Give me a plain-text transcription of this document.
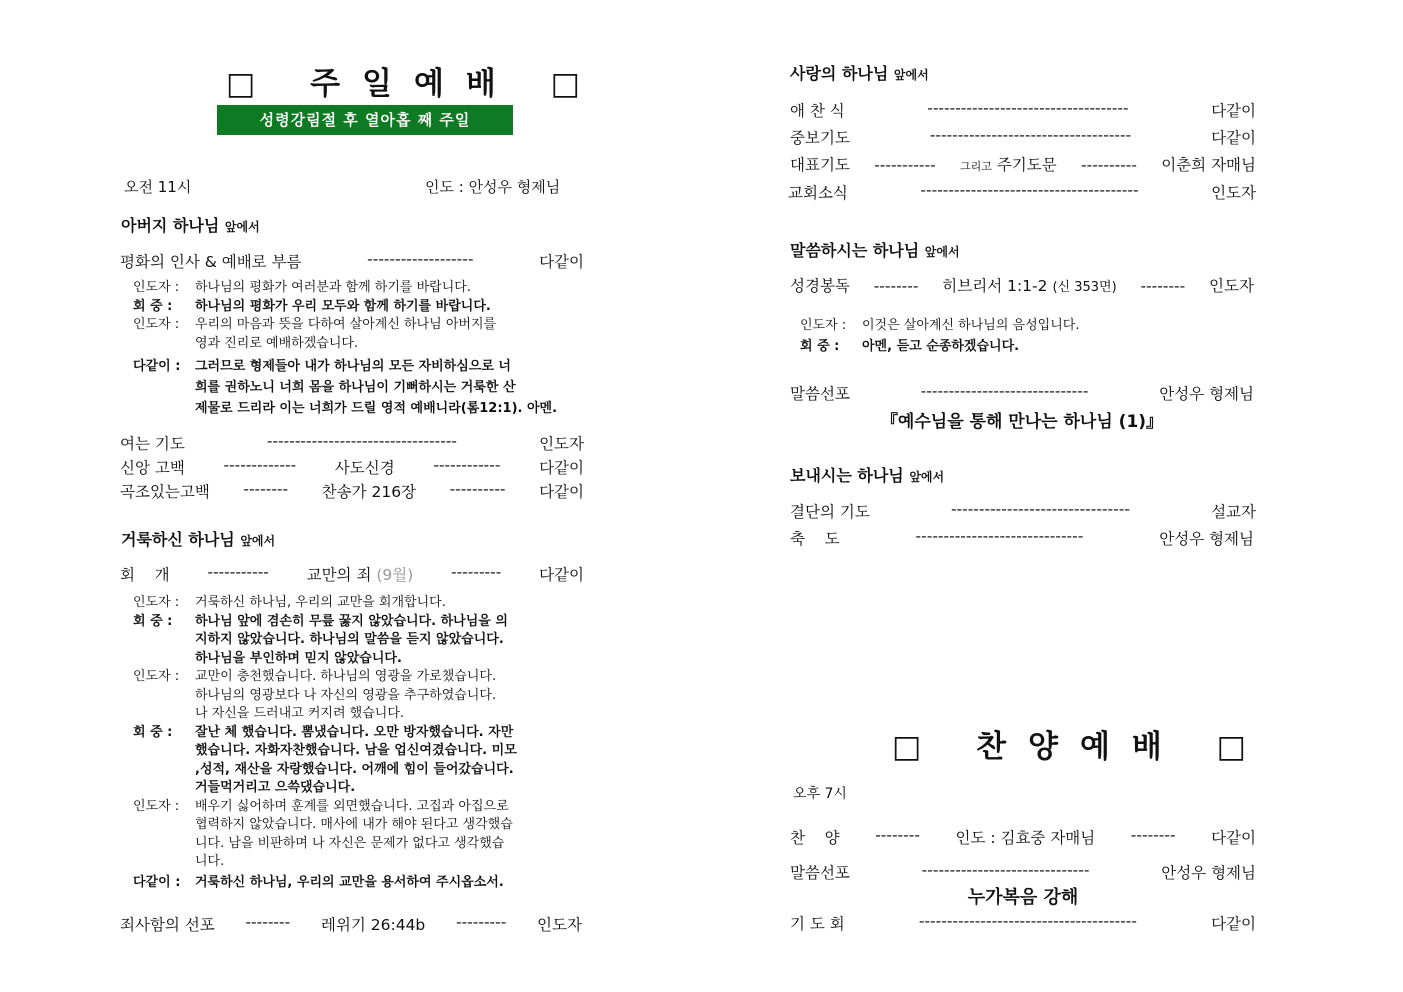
□ 주일예배 □
성령강림절 후 열아홉 째 주일
오전 11시	인도 : 안성우 형제님
아버지 하나님 앞에서
평화의 인사 & 예배로 부름	-------------------	다같이
인도자 : 하나님의 평화가 여러분과 함께 하기를 바랍니다.
회 중 : 하나님의 평화가 우리 모두와 함께 하기를 바랍니다.
인도자 : 우리의 마음과 뜻을 다하여 살아계신 하나님 아버지를
영과 진리로 예배하겠습니다.
다같이 : 그러므로 형제들아 내가 하나님의 모든 자비하심으로 너
희를 권하노니 너희 몸을 하나님이 기뻐하시는 거룩한 산
제물로 드리라 이는 너희가 드릴 영적 예배니라(롬12:1). 아멘.
여는 기도	----------------------------------	인도자
신앙 고백 ------------- 사도신경 ------------ 다같이
곡조있는고백 -------- 찬송가 216장 ---------- 다같이
거룩하신 하나님 앞에서
회    개 ----------- 교만의 죄 (9월) --------- 다같이
인도자 : 거룩하신 하나님, 우리의 교만을 회개합니다.
회 중 : 하나님 앞에 겸손히 무릎 꿇지 않았습니다. 하나님을 의
지하지 않았습니다. 하나님의 말씀을 듣지 않았습니다.
하나님을 부인하며 믿지 않았습니다.
인도자 : 교만이 충천했습니다. 하나님의 영광을 가로챘습니다.
하나님의 영광보다 나 자신의 영광을 추구하였습니다.
나 자신을 드러내고 커지려 했습니다.
회 중 : 잘난 체 했습니다. 뽐냈습니다. 오만 방자했습니다. 자만
했습니다. 자화자찬했습니다. 남을 업신여겼습니다. 미모
,성적, 재산을 자랑했습니다. 어깨에 힘이 들어갔습니다.
거들먹거리고 으쓱댔습니다.
인도자 : 배우기 싫어하며 훈계를 외면했습니다. 고집과 아집으로
협력하지 않았습니다. 매사에 내가 해야 된다고 생각했습
니다. 남을 비판하며 나 자신은 문제가 없다고 생각했습
니다.
다같이 : 거룩하신 하나님, 우리의 교만을 용서하여 주시옵소서.
죄사함의 선포 -------- 레위기 26:44b --------- 인도자
사랑의 하나님 앞에서
애 찬 식	------------------------------------	다같이
중보기도	------------------------------------	다같이
대표기도 ----------- 그리고 주기도문 ---------- 이춘희 자매님
교회소식	---------------------------------------	인도자
말씀하시는 하나님 앞에서
성경봉독 -------- 히브리서 1:1-2 (신 353면) -------- 인도자
인도자 : 이것은 살아계신 하나님의 음성입니다.
회 중 : 아멘, 듣고 순종하겠습니다.
말씀선포	------------------------------	안성우 형제님
『예수님을 통해 만나는 하나님 (1)』
보내시는 하나님 앞에서
결단의 기도	--------------------------------	설교자
축    도	------------------------------	안성우 형제님
□ 찬양예배 □
오후 7시
찬    양 -------- 인도 : 김효중 자매님 -------- 다같이
말씀선포	------------------------------	안성우 형제님
누가복음 강해
기 도 회	---------------------------------------	다같이
